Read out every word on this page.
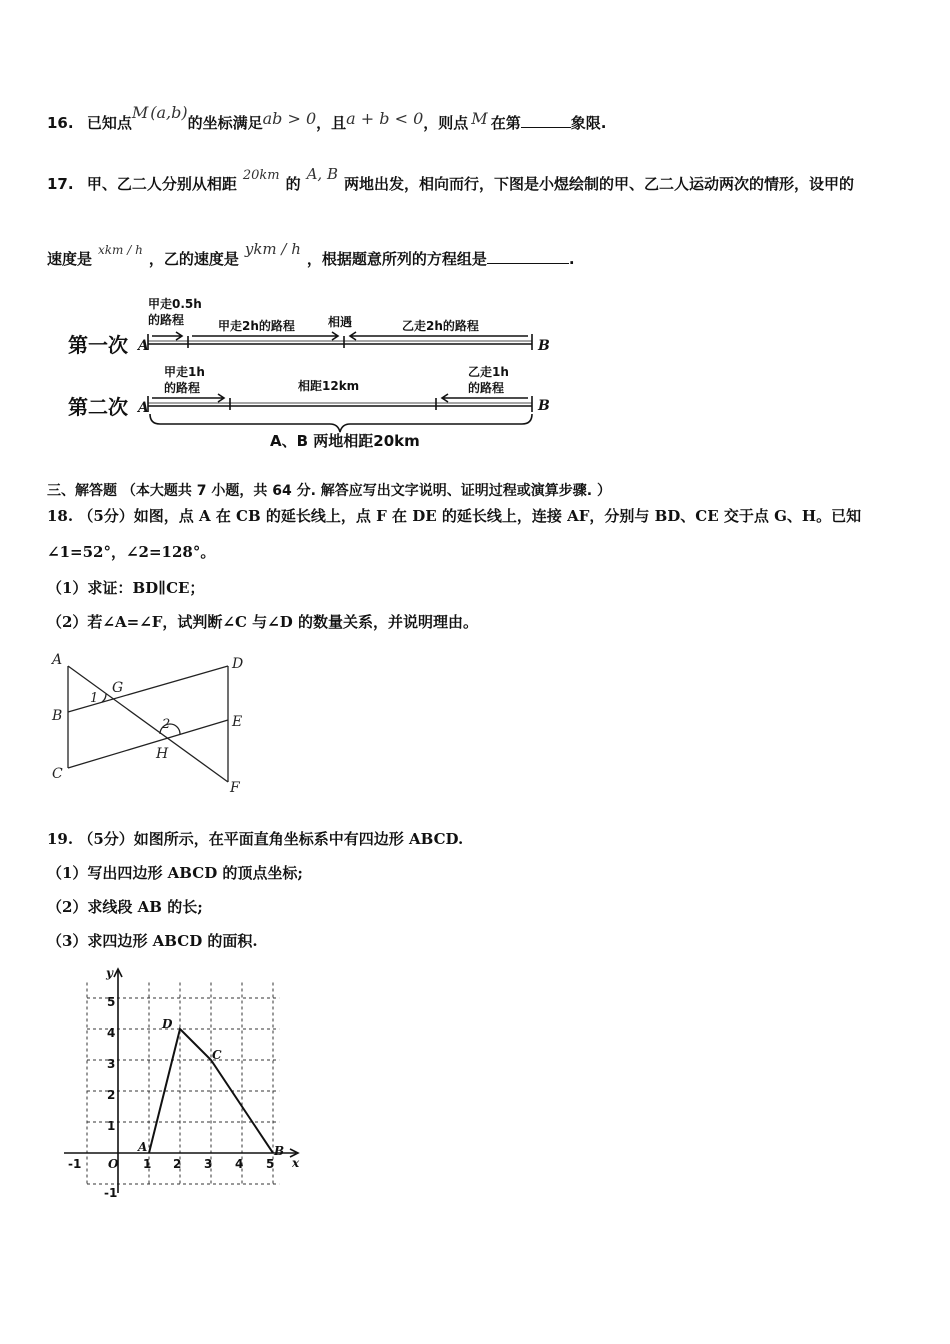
16. 已知点M (a,b)的坐标满足ab > 0，且a + b < 0，则点 M 在第	象限.
17. 甲、乙二人分别从相距 20km 的A, B两地出发，相向而行，下图是小煜绘制的甲、乙二人运动两次的情形，设甲的
速度是 $^{xkm / h}$ ，乙的速度是ykm / h，根据题意所列的方程组是	.
第一次 A	B
甲走0.5h
的路程	甲走2h的路程	相遇	乙走2h的路程
第二次 A	B
甲走1h
的路程	相距12km
乙走1h
的路程
A、B 两地相距20km
三、解答题 （本大题共 7 小题，共 64 分. 解答应写出文字说明、证明过程或演算步骤. ）
18. （5分）如图，点 A 在 CB 的延长线上，点 F 在 DE 的延长线上，连接 AF，分别与 BD、CE 交于点 G、H。已知
∠1=52°，∠2=128°。
（1）求证：BD∥CE；
（2）若∠A=∠F，试判断∠C 与∠D 的数量关系，并说明理由。
A
B
C
D
E
F
G
H
1
2
19. （5分）如图所示，在平面直角坐标系中有四边形 ABCD.
（1）写出四边形 ABCD 的顶点坐标;
（2）求线段 AB 的长;
（3）求四边形 ABCD 的面积.
y
x
O
-1	1 2 3 4 5
5
4
3
2
1
-1
A	B
C
D
